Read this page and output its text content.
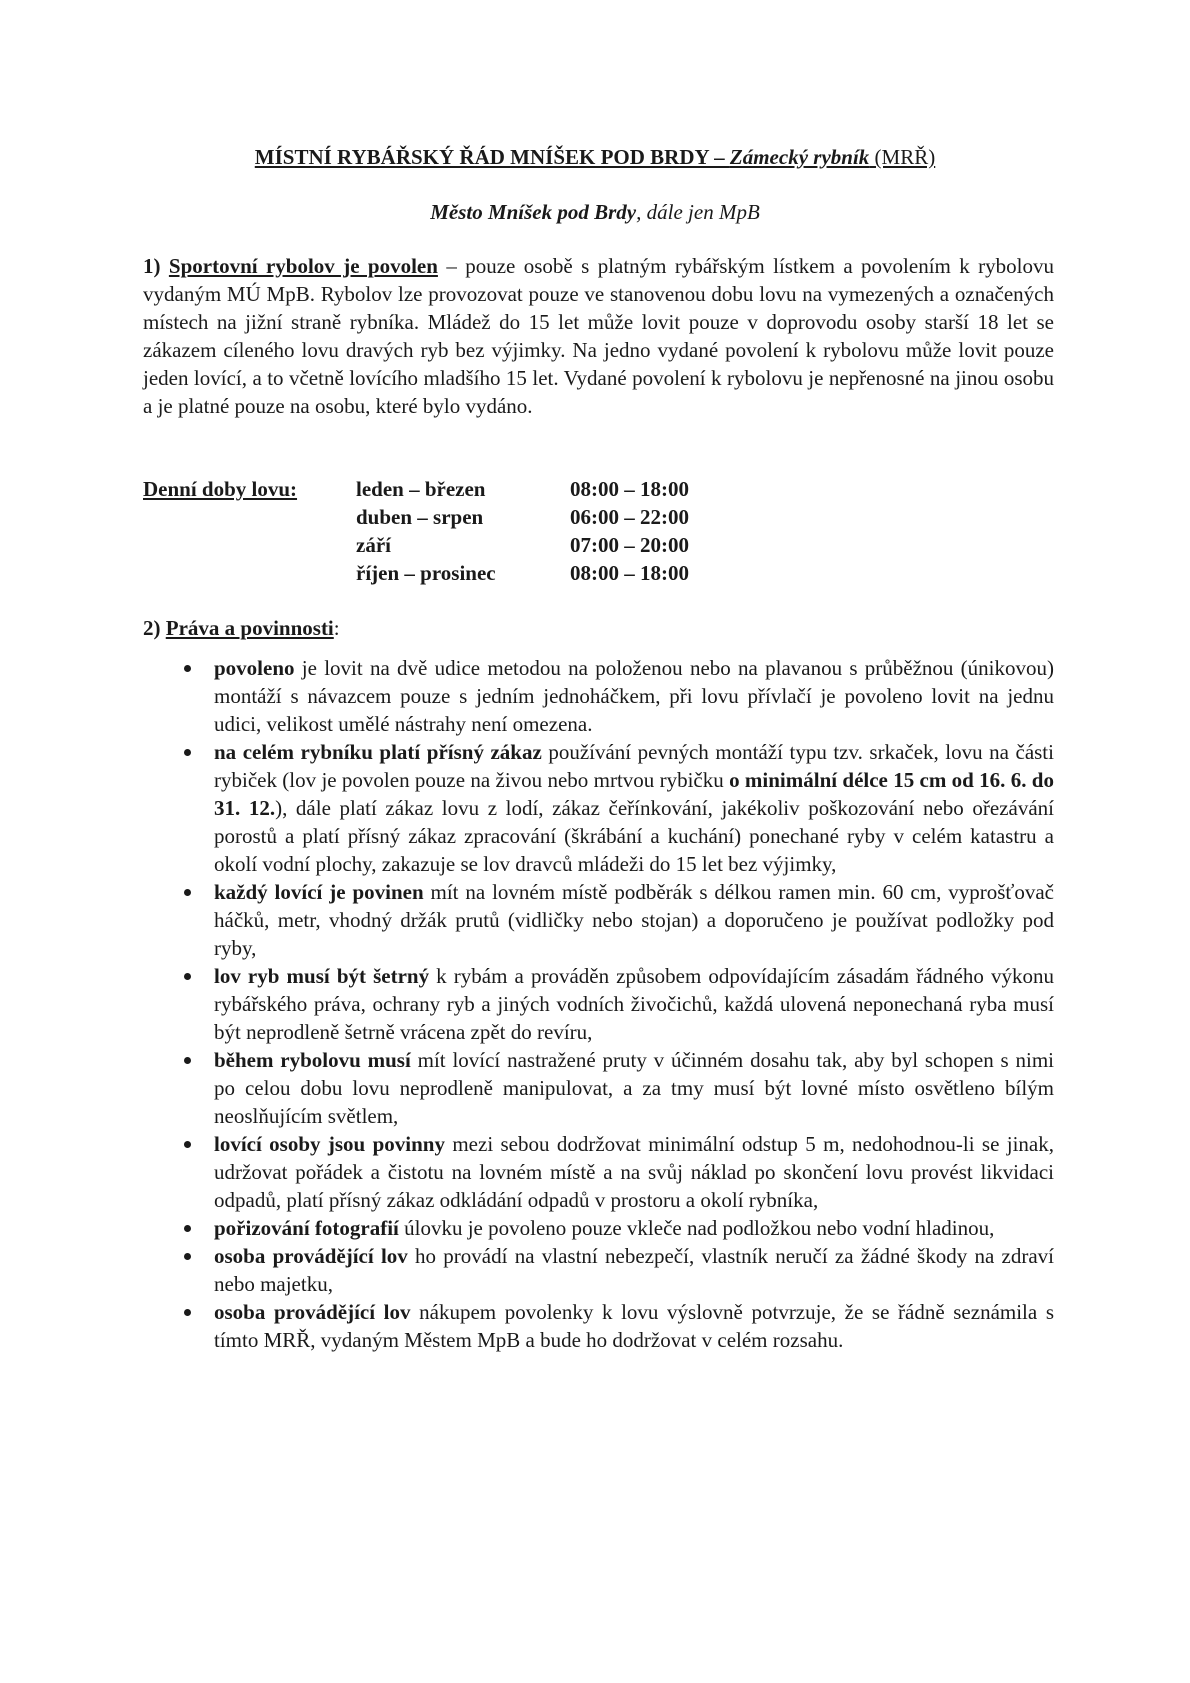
MÍSTNÍ RYBÁŘSKÝ ŘÁD MNÍŠEK POD BRDY – Zámecký rybník (MRŘ)
Město Mníšek pod Brdy, dále jen MpB
1) Sportovní rybolov je povolen – pouze osobě s platným rybářským lístkem a povolením k rybolovu vydaným MÚ MpB. Rybolov lze provozovat pouze ve stanovenou dobu lovu na vymezených a označených místech na jižní straně rybníka. Mládež do 15 let může lovit pouze v doprovodu osoby starší 18 let se zákazem cíleného lovu dravých ryb bez výjimky. Na jedno vydané povolení k rybolovu může lovit pouze jeden lovící, a to včetně lovícího mladšího 15 let. Vydané povolení k rybolovu je nepřenosné na jinou osobu a je platné pouze na osobu, které bylo vydáno.
Denní doby lovu:	leden – březen	08:00 – 18:00
duben – srpen	06:00 – 22:00
září	07:00 – 20:00
říjen – prosinec	08:00 – 18:00
2) Práva a povinnosti:
povoleno je lovit na dvě udice metodou na položenou nebo na plavanou s průběžnou (únikovou) montáží s návazcem pouze s jedním jednoháčkem, při lovu přívlačí je povoleno lovit na jednu udici, velikost umělé nástrahy není omezena.
na celém rybníku platí přísný zákaz používání pevných montáží typu tzv. srkaček, lovu na části rybiček (lov je povolen pouze na živou nebo mrtvou rybičku o minimální délce 15 cm od 16. 6. do 31. 12.), dále platí zákaz lovu z lodí, zákaz čeřínkování, jakékoliv poškozování nebo ořezávání porostů a platí přísný zákaz zpracování (škrábání a kuchání) ponechané ryby v celém katastru a okolí vodní plochy, zakazuje se lov dravců mládeži do 15 let bez výjimky,
každý lovící je povinen mít na lovném místě podběrák s délkou ramen min. 60 cm, vyprošťovač háčků, metr, vhodný držák prutů (vidličky nebo stojan) a doporučeno je používat podložky pod ryby,
lov ryb musí být šetrný k rybám a prováděn způsobem odpovídajícím zásadám řádného výkonu rybářského práva, ochrany ryb a jiných vodních živočichů, každá ulovená neponechaná ryba musí být neprodleně šetrně vrácena zpět do revíru,
během rybolovu musí mít lovící nastražené pruty v účinném dosahu tak, aby byl schopen s nimi po celou dobu lovu neprodleně manipulovat, a za tmy musí být lovné místo osvětleno bílým neoslňujícím světlem,
lovící osoby jsou povinny mezi sebou dodržovat minimální odstup 5 m, nedohodnou-li se jinak, udržovat pořádek a čistotu na lovném místě a na svůj náklad po skončení lovu provést likvidaci odpadů, platí přísný zákaz odkládání odpadů v prostoru a okolí rybníka,
pořizování fotografií úlovku je povoleno pouze vkleče nad podložkou nebo vodní hladinou,
osoba provádějící lov ho provádí na vlastní nebezpečí, vlastník neručí za žádné škody na zdraví nebo majetku,
osoba provádějící lov nákupem povolenky k lovu výslovně potvrzuje, že se řádně seznámila s tímto MRŘ, vydaným Městem MpB a bude ho dodržovat v celém rozsahu.
